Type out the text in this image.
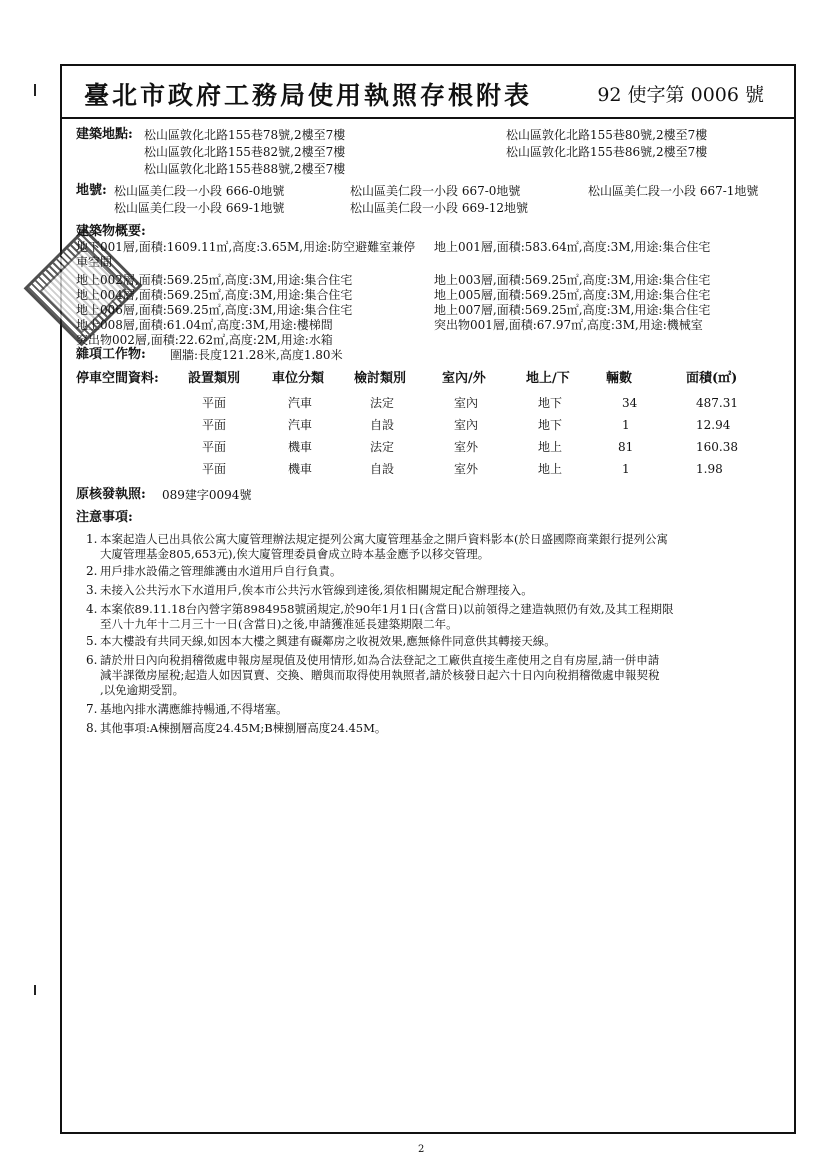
臺北市政府工務局使用執照存根附表	92 使字第 0006 號
建築地點: 松山區敦化北路155巷78號,2樓至7樓	松山區敦化北路155巷80號,2樓至7樓
松山區敦化北路155巷82號,2樓至7樓	松山區敦化北路155巷86號,2樓至7樓
松山區敦化北路155巷88號,2樓至7樓
地號: 松山區美仁段一小段 666-0地號	松山區美仁段一小段 667-0地號	松山區美仁段一小段 667-1地號
松山區美仁段一小段 669-1地號	松山區美仁段一小段 669-12地號
建築物概要:
地下001層,面積:1609.11㎡,高度:3.65M,用途:防空避難室兼停 地上001層,面積:583.64㎡,高度:3M,用途:集合住宅
車空間
地上002層,面積:569.25㎡,高度:3M,用途:集合住宅	地上003層,面積:569.25㎡,高度:3M,用途:集合住宅
地上004層,面積:569.25㎡,高度:3M,用途:集合住宅	地上005層,面積:569.25㎡,高度:3M,用途:集合住宅
地上006層,面積:569.25㎡,高度:3M,用途:集合住宅	地上007層,面積:569.25㎡,高度:3M,用途:集合住宅
地上008層,面積:61.04㎡,高度:3M,用途:樓梯間	突出物001層,面積:67.97㎡,高度:3M,用途:機械室
突出物002層,面積:22.62㎡,高度:2M,用途:水箱
雜項工作物: 圍牆:長度121.28米,高度1.80米
停車空間資料: 設置類別 車位分類 檢討類別	室內/外	地上/下	輛數	面積(㎡)
平面	汽車	法定	室內	地下	34	487.31
平面	汽車	自設	室內	地下	1	12.94
平面	機車	法定	室外	地上	81	160.38
平面	機車	自設	室外	地上	1	1.98
原核發執照: 089建字0094號
注意事項:
1. 本案起造人已出具依公寓大廈管理辦法規定提列公寓大廈管理基金之開戶資料影本(於日盛國際商業銀行提列公寓
大廈管理基金805,653元),俟大廈管理委員會成立時本基金應予以移交管理。
2. 用戶排水設備之管理維護由水道用戶自行負責。
3. 未接入公共污水下水道用戶,俟本市公共污水管線到達後,須依相關規定配合辦理接入。
4. 本案依89.11.18台內營字第8984958號函規定,於90年1月1日(含當日)以前領得之建造執照仍有效,及其工程期限
至八十九年十二月三十一日(含當日)之後,申請獲准延長建築期限二年。
5. 本大樓設有共同天線,如因本大樓之興建有礙鄰房之收視效果,應無條件同意供其轉接天線。
6. 請於卅日內向稅捐稽徵處申報房屋現值及使用情形,如為合法登記之工廠供直接生產使用之自有房屋,請一併申請
減半課徵房屋稅;起造人如因買賣、交換、贈與而取得使用執照者,請於核發日起六十日內向稅捐稽徵處申報契稅
,以免逾期受罰。
7. 基地內排水溝應維持暢通,不得堵塞。
8. 其他事項:A棟捌層高度24.45M;B棟捌層高度24.45M。
2
